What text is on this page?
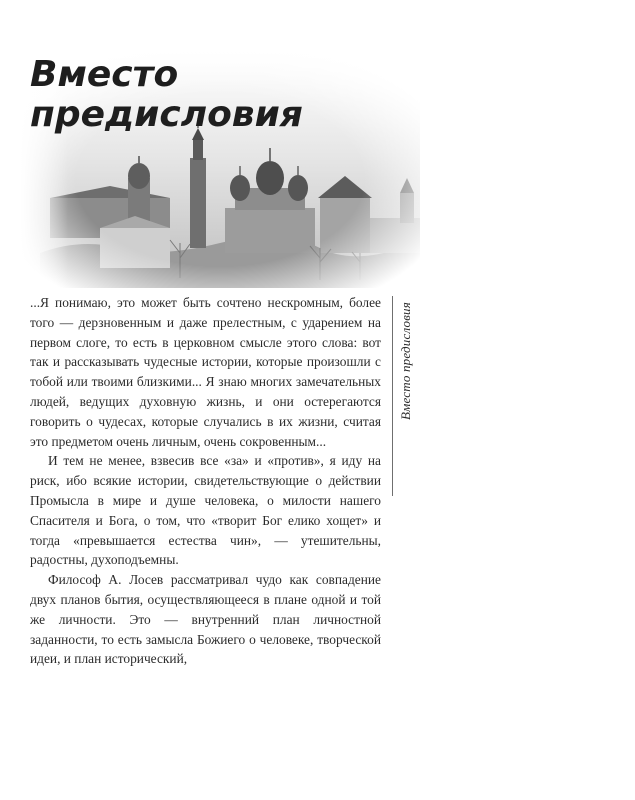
Вместо
предисловия

...Я понимаю, это может быть сочтено нескромным, более того — дерзновенным и даже прелестным, с ударением на первом слоге, то есть в церковном смысле этого слова: вот так и рассказывать чудесные истории, которые произошли с тобой или твоими близкими... Я знаю многих замечательных людей, ведущих духовную жизнь, и они остерегаются говорить о чудесах, которые случались в их жизни, считая это предметом очень личным, очень сокровенным...

И тем не менее, взвесив все «за» и «против», я иду на риск, ибо всякие истории, свидетельствующие о действии Промысла в мире и душе человека, о милости нашего Спасителя и Бога, о том, что «творит Бог елико хощет» и тогда «превышается естества чин», — утешительны, радостны, духоподъемны.

Философ А. Лосев рассматривал чудо как совпадение двух планов бытия, осуществляющееся в плане одной и той же личности. Это — внутренний план личностной заданности, то есть замысла Божиего о человеке, творческой идеи, и план исторический,

Вместо предисловия
